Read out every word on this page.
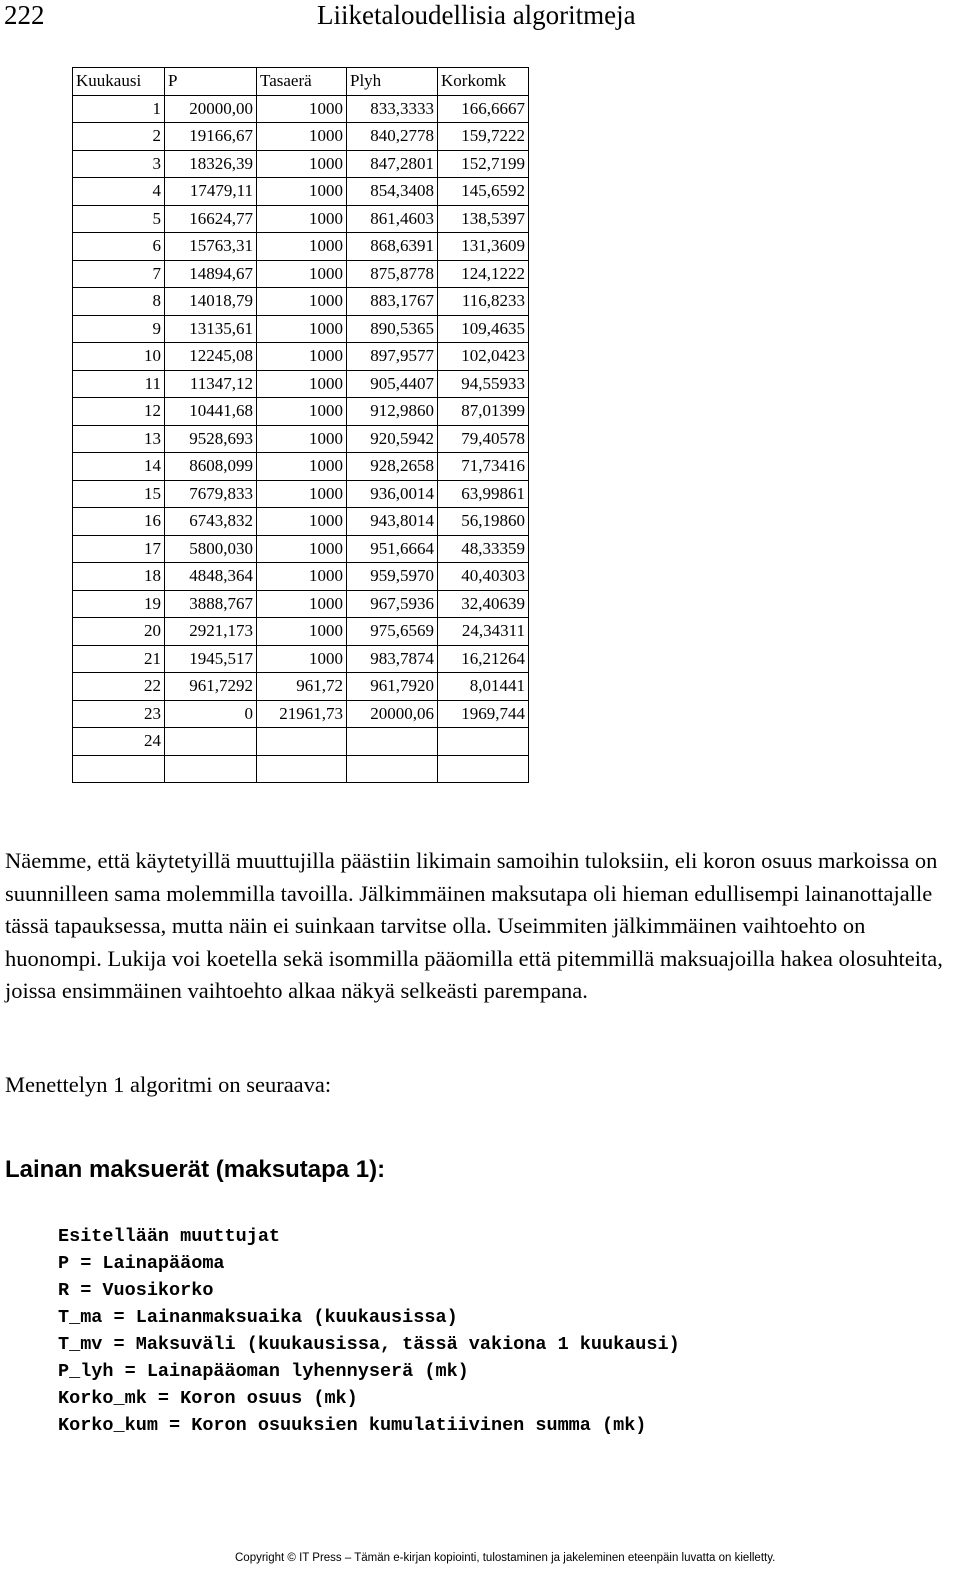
222	Liiketaloudellisia algoritmeja
Kuukausi	P	Tasaerä	Plyh	Korkomk
1	20000,00	1000	833,3333	166,6667
2	19166,67	1000	840,2778	159,7222
3	18326,39	1000	847,2801	152,7199
4	17479,11	1000	854,3408	145,6592
5	16624,77	1000	861,4603	138,5397
6	15763,31	1000	868,6391	131,3609
7	14894,67	1000	875,8778	124,1222
8	14018,79	1000	883,1767	116,8233
9	13135,61	1000	890,5365	109,4635
10	12245,08	1000	897,9577	102,0423
11	11347,12	1000	905,4407	94,55933
12	10441,68	1000	912,9860	87,01399
13	9528,693	1000	920,5942	79,40578
14	8608,099	1000	928,2658	71,73416
15	7679,833	1000	936,0014	63,99861
16	6743,832	1000	943,8014	56,19860
17	5800,030	1000	951,6664	48,33359
18	4848,364	1000	959,5970	40,40303
19	3888,767	1000	967,5936	32,40639
20	2921,173	1000	975,6569	24,34311
21	1945,517	1000	983,7874	16,21264
22	961,7292	961,72	961,7920	8,01441
23	0	21961,73	20000,06	1969,744
24				

Näemme, että käytetyillä muuttujilla päästiin likimain samoihin tuloksiin, eli koron osuus markoissa on suunnilleen sama molemmilla tavoilla. Jälkimmäinen maksutapa oli hieman edullisempi lainanottajalle tässä tapauksessa, mutta näin ei suinkaan tarvitse olla. Useimmiten jälkimmäinen vaihtoehto on huonompi. Lukija voi koetella sekä isommilla pääomilla että pitemmillä maksuajoilla hakea olosuhteita, joissa ensimmäinen vaihtoehto alkaa näkyä selkeästi parempana.

Menettelyn 1 algoritmi on seuraava:

Lainan maksuerät (maksutapa 1):
Esitellään muuttujat
P = Lainapääoma
R = Vuosikorko
T_ma = Lainanmaksuaika (kuukausissa)
T_mv = Maksuväli (kuukausissa, tässä vakiona 1 kuukausi)
P_lyh = Lainapääoman lyhennyserä (mk)
Korko_mk = Koron osuus (mk)
Korko_kum = Koron osuuksien kumulatiivinen summa (mk)

Copyright © IT Press – Tämän e-kirjan kopiointi, tulostaminen ja jakeleminen eteenpäin luvatta on kielletty.
